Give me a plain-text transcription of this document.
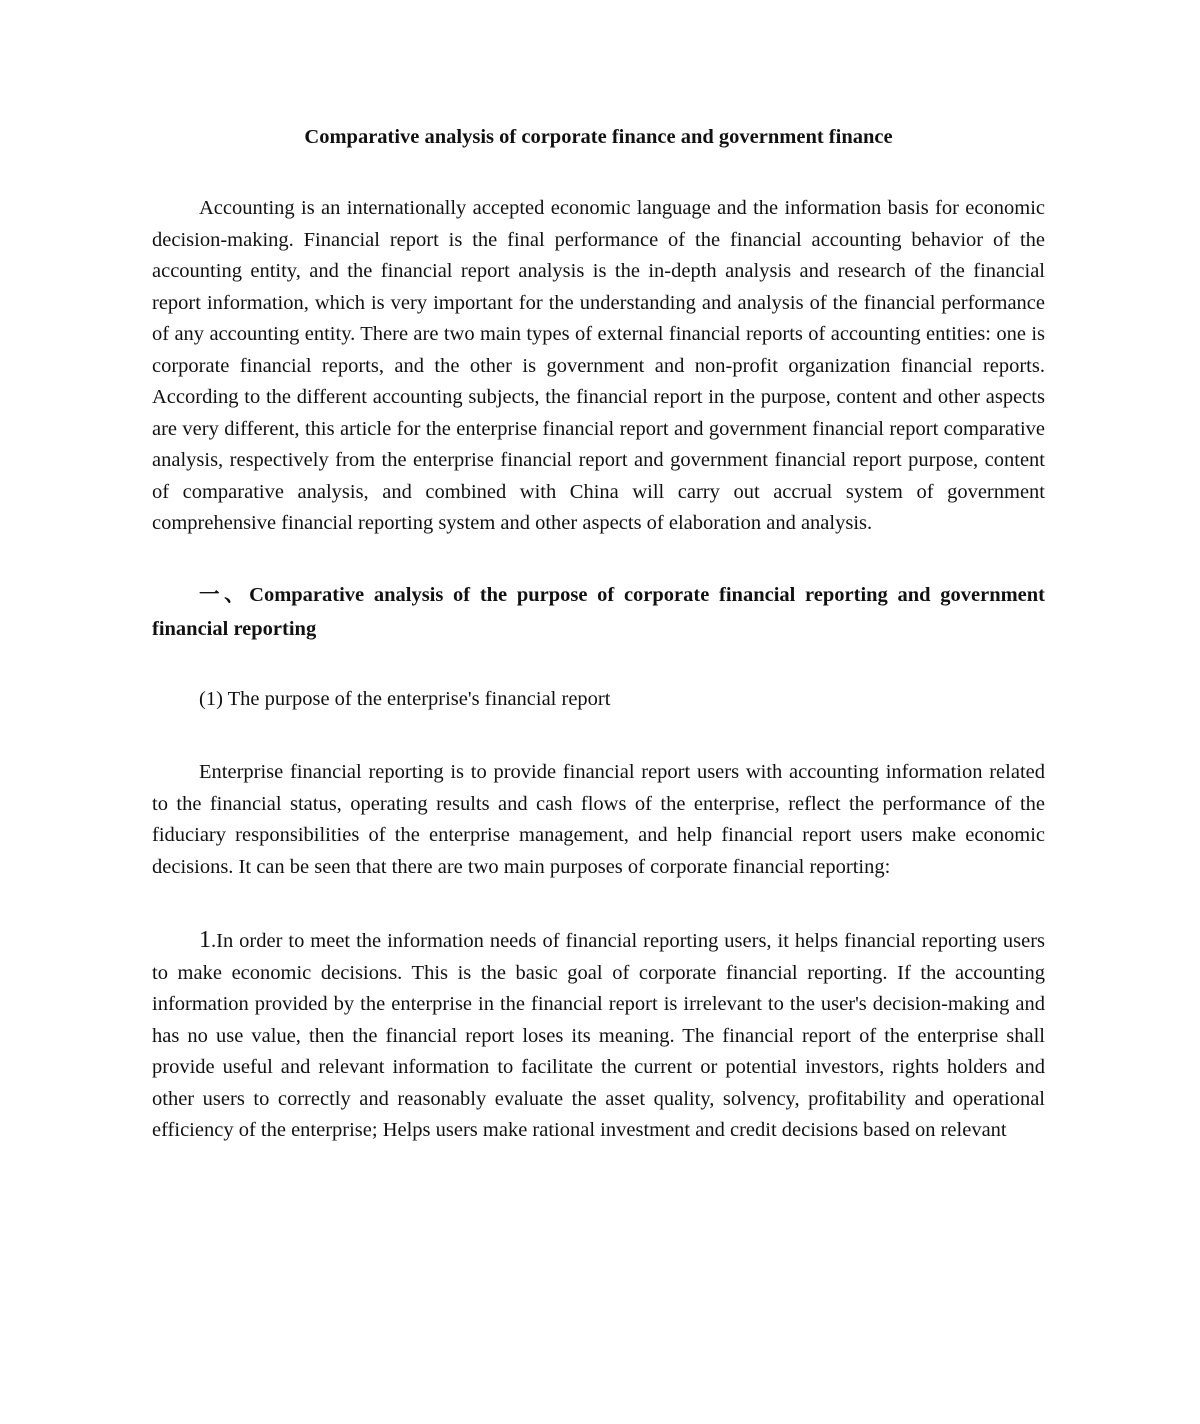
Comparative analysis of corporate finance and government finance

Accounting is an internationally accepted economic language and the information basis for economic decision-making. Financial report is the final performance of the financial accounting behavior of the accounting entity, and the financial report analysis is the in-depth analysis and research of the financial report information, which is very important for the understanding and analysis of the financial performance of any accounting entity. There are two main types of external financial reports of accounting entities: one is corporate financial reports, and the other is government and non-profit organization financial reports. According to the different accounting subjects, the financial report in the purpose, content and other aspects are very different, this article for the enterprise financial report and government financial report comparative analysis, respectively from the enterprise financial report and government financial report purpose, content of comparative analysis, and combined with China will carry out accrual system of government comprehensive financial reporting system and other aspects of elaboration and analysis.

一、Comparative analysis of the purpose of corporate financial reporting and government financial reporting

(1) The purpose of the enterprise's financial report

Enterprise financial reporting is to provide financial report users with accounting information related to the financial status, operating results and cash flows of the enterprise, reflect the performance of the fiduciary responsibilities of the enterprise management, and help financial report users make economic decisions. It can be seen that there are two main purposes of corporate financial reporting:

1.In order to meet the information needs of financial reporting users, it helps financial reporting users to make economic decisions. This is the basic goal of corporate financial reporting. If the accounting information provided by the enterprise in the financial report is irrelevant to the user's decision-making and has no use value, then the financial report loses its meaning. The financial report of the enterprise shall provide useful and relevant information to facilitate the current or potential investors, rights holders and other users to correctly and reasonably evaluate the asset quality, solvency, profitability and operational efficiency of the enterprise; Helps users make rational investment and credit decisions based on relevant
